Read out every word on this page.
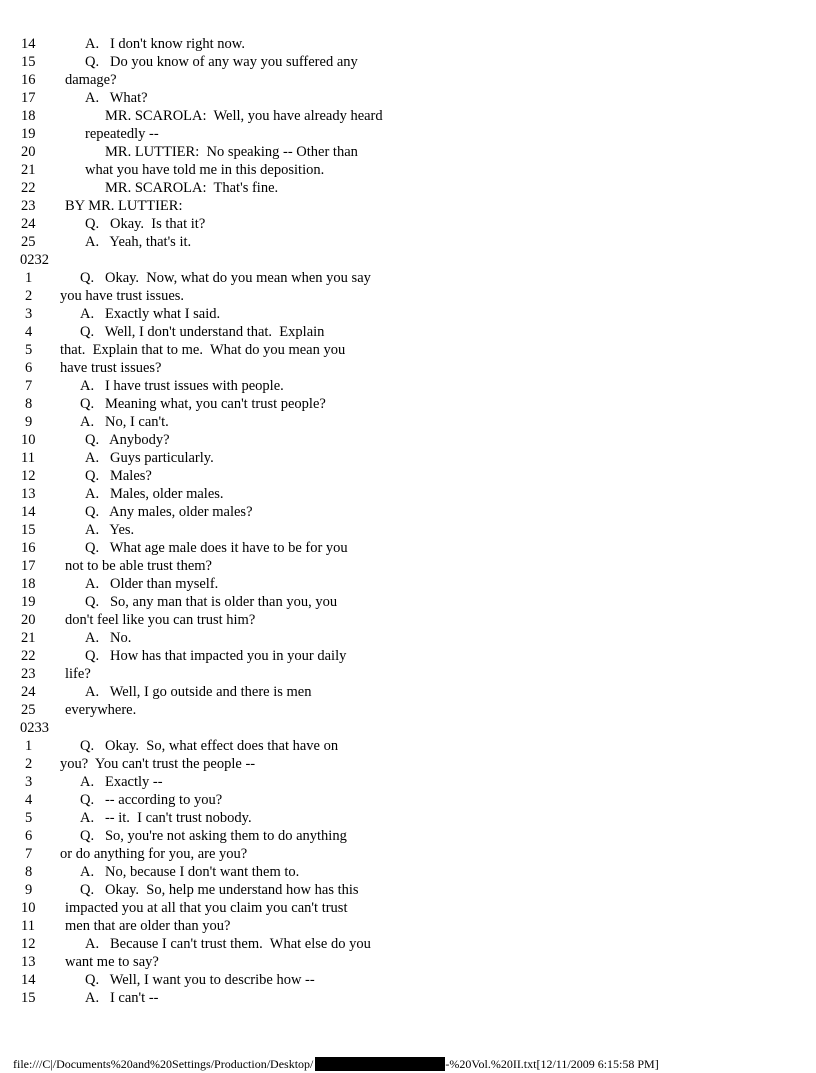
14	A.   I don't know right now.
15	Q.   Do you know of any way you suffered any
16 damage?
17	A.   What?
18	MR. SCAROLA:  Well, you have already heard
19	repeatedly --
20	MR. LUTTIER:  No speaking -- Other than
21	what you have told me in this deposition.
22	MR. SCAROLA:  That's fine.
23 BY MR. LUTTIER:
24	Q.   Okay.  Is that it?
25	A.   Yeah, that's it.
0232
1	Q.   Okay.  Now, what do you mean when you say
2 you have trust issues.
3	A.   Exactly what I said.
4	Q.   Well, I don't understand that.  Explain
5 that.  Explain that to me.  What do you mean you
6 have trust issues?
7	A.   I have trust issues with people.
8	Q.   Meaning what, you can't trust people?
9	A.   No, I can't.
10	Q.   Anybody?
11	A.   Guys particularly.
12	Q.   Males?
13	A.   Males, older males.
14	Q.   Any males, older males?
15	A.   Yes.
16	Q.   What age male does it have to be for you
17 not to be able trust them?
18	A.   Older than myself.
19	Q.   So, any man that is older than you, you
20 don't feel like you can trust him?
21	A.   No.
22	Q.   How has that impacted you in your daily
23 life?
24	A.   Well, I go outside and there is men
25 everywhere.
0233
1	Q.   Okay.  So, what effect does that have on
2 you?  You can't trust the people --
3	A.   Exactly --
4	Q.   -- according to you?
5	A.   -- it.  I can't trust nobody.
6	Q.   So, you're not asking them to do anything
7 or do anything for you, are you?
8	A.   No, because I don't want them to.
9	Q.   Okay.  So, help me understand how has this
10 impacted you at all that you claim you can't trust
11 men that are older than you?
12	A.   Because I can't trust them.  What else do you
13 want me to say?
14	Q.   Well, I want you to describe how --
15	A.   I can't --

file:///C|/Documents%20and%20Settings/Production/Desktop/	-%20Vol.%20II.txt[12/11/2009 6:15:58 PM]
